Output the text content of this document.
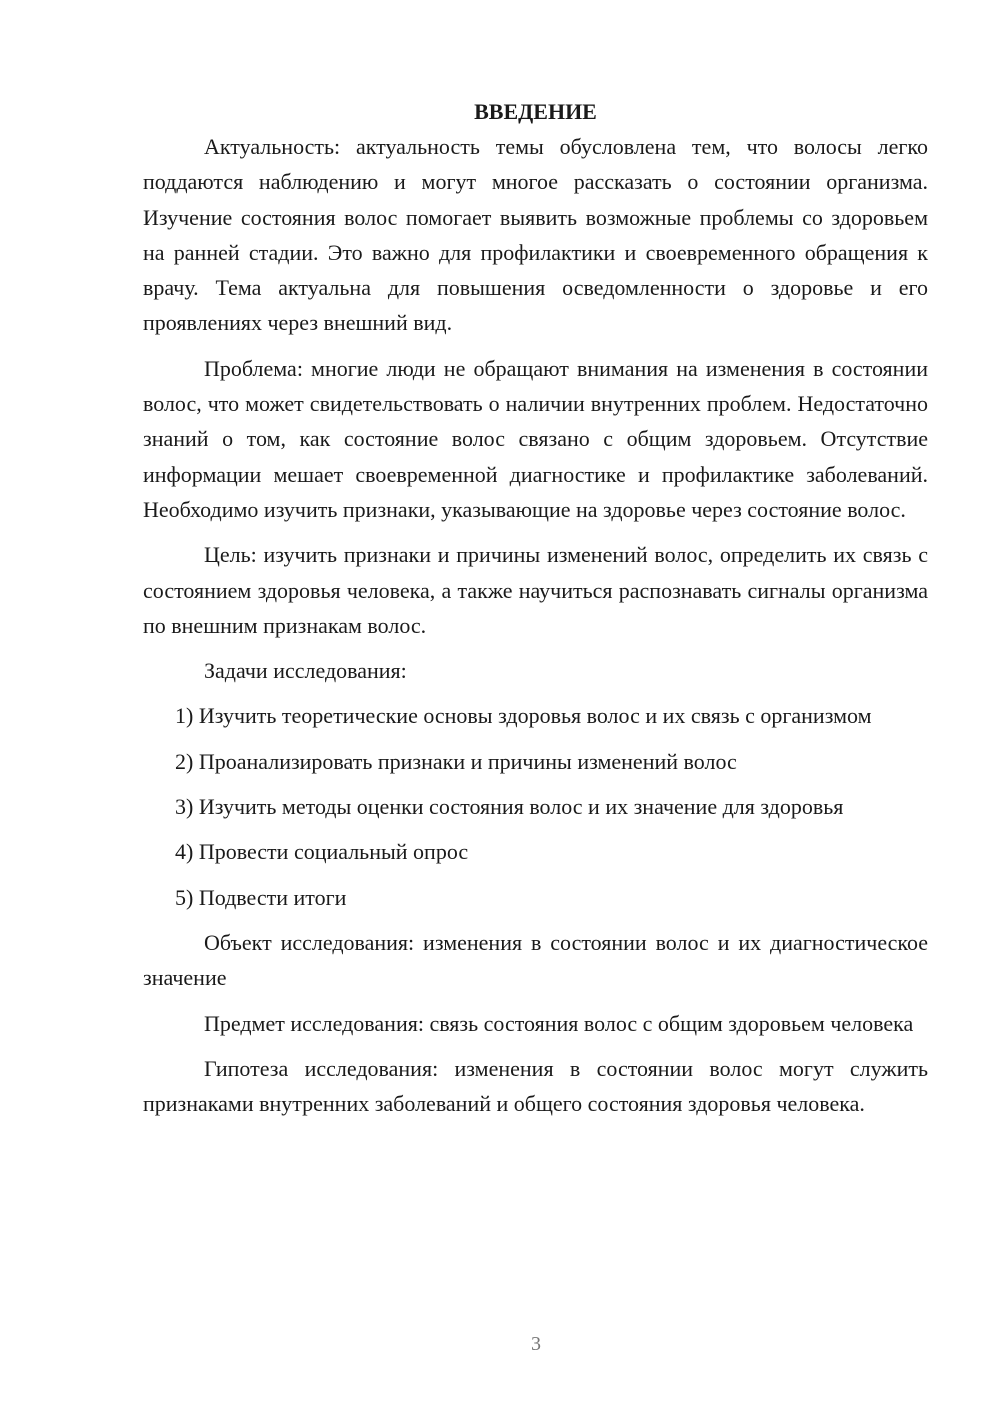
ВВЕДЕНИЕ

Актуальность: актуальность темы обусловлена тем, что волосы легко поддаются наблюдению и могут многое рассказать о состоянии организма. Изучение состояния волос помогает выявить возможные проблемы со здоровьем на ранней стадии. Это важно для профилактики и своевременного обращения к врачу. Тема актуальна для повышения осведомленности о здоровье и его проявлениях через внешний вид.

Проблема: многие люди не обращают внимания на изменения в состоянии волос, что может свидетельствовать о наличии внутренних проблем. Недостаточно знаний о том, как состояние волос связано с общим здоровьем. Отсутствие информации мешает своевременной диагностике и профилактике заболеваний. Необходимо изучить признаки, указывающие на здоровье через состояние волос.

Цель: изучить признаки и причины изменений волос, определить их связь с состоянием здоровья человека, а также научиться распознавать сигналы организма по внешним признакам волос.

Задачи исследования:

1) Изучить теоретические основы здоровья волос и их связь с организмом

2) Проанализировать признаки и причины изменений волос

3) Изучить методы оценки состояния волос и их значение для здоровья

4) Провести социальный опрос

5) Подвести итоги

Объект исследования: изменения в состоянии волос и их диагностическое значение

Предмет исследования: связь состояния волос с общим здоровьем человека

Гипотеза исследования: изменения в состоянии волос могут служить признаками внутренних заболеваний и общего состояния здоровья человека.

3
